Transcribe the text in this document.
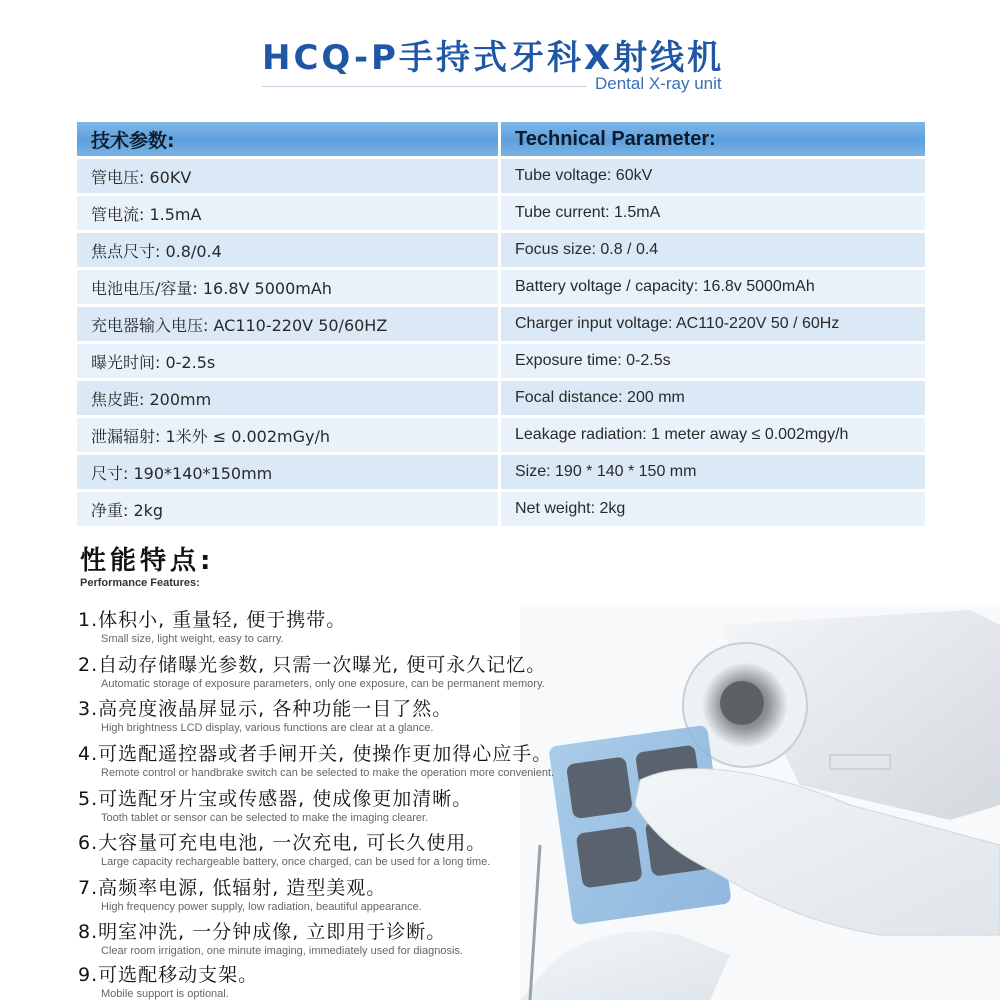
HCQ-P手持式牙科X射线机
Dental X-ray unit
技术参数:	Technical Parameter:
管电压: 60KV	Tube voltage: 60kV
管电流: 1.5mA	Tube current: 1.5mA
焦点尺寸: 0.8/0.4	Focus size: 0.8 / 0.4
电池电压/容量: 16.8V 5000mAh	Battery voltage / capacity: 16.8v 5000mAh
充电器输入电压: AC110-220V 50/60HZ	Charger input voltage: AC110-220V 50 / 60Hz
曝光时间: 0-2.5s	Exposure time: 0-2.5s
焦皮距: 200mm	Focal distance: 200 mm
泄漏辐射: 1米外 ≤ 0.002mGy/h	Leakage radiation: 1 meter away ≤ 0.002mgy/h
尺寸: 190*140*150mm	Size: 190 * 140 * 150 mm
净重: 2kg	Net weight: 2kg
性能特点:
Performance Features:
1.体积小, 重量轻, 便于携带。
Small size, light weight, easy to carry.
2.自动存储曝光参数, 只需一次曝光, 便可永久记忆。
Automatic storage of exposure parameters, only one exposure, can be permanent memory.
3.高亮度液晶屏显示, 各种功能一目了然。
High brightness LCD display, various functions are clear at a glance.
4.可选配遥控器或者手闸开关, 使操作更加得心应手。
Remote control or handbrake switch can be selected to make the operation more convenient.
5.可选配牙片宝或传感器, 使成像更加清晰。
Tooth tablet or sensor can be selected to make the imaging clearer.
6.大容量可充电电池, 一次充电, 可长久使用。
Large capacity rechargeable battery, once charged, can be used for a long time.
7.高频率电源, 低辐射, 造型美观。
High frequency power supply, low radiation, beautiful appearance.
8.明室冲洗, 一分钟成像, 立即用于诊断。
Clear room irrigation, one minute imaging, immediately used for diagnosis.
9.可选配移动支架。
Mobile support is optional.
